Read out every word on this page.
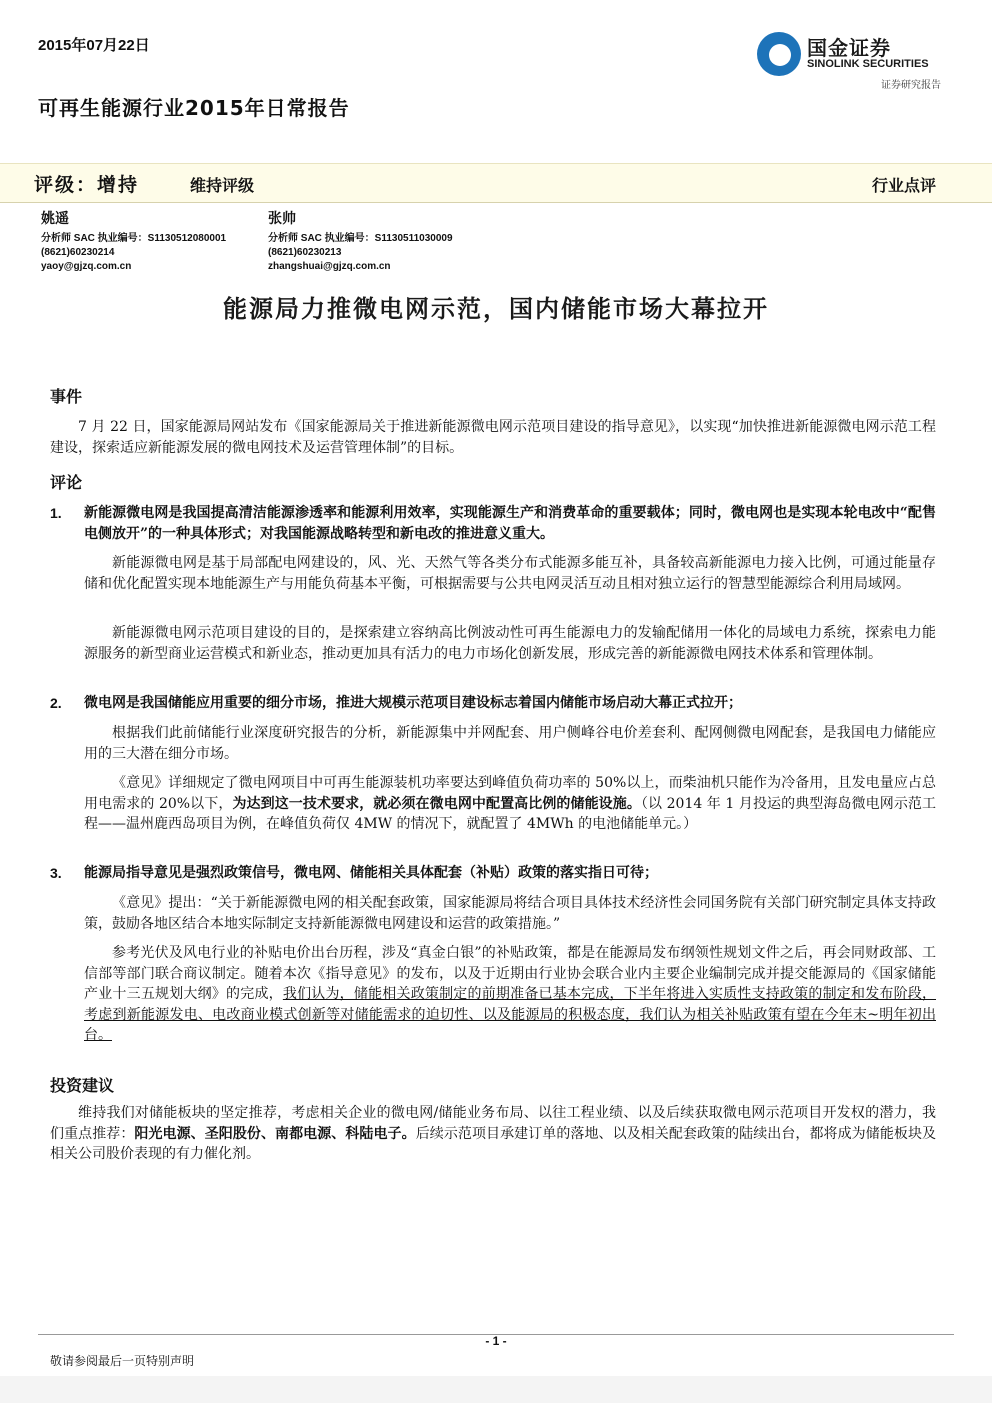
2015年07月22日
可再生能源行业2015年日常报告
国金证券
SINOLINK SECURITIES
证券研究报告
评级：增持	维持评级	行业点评
姚遥
分析师 SAC 执业编号：S1130512080001
(8621)60230214
yaoy@gjzq.com.cn
张帅
分析师 SAC 执业编号：S1130511030009
(8621)60230213
zhangshuai@gjzq.com.cn
能源局力推微电网示范，国内储能市场大幕拉开
事件
7 月 22 日，国家能源局网站发布《国家能源局关于推进新能源微电网示范项目建设的指导意见》，以实现“加快推进新能源微电网示范工程建设，探索适应新能源发展的微电网技术及运营管理体制”的目标。
评论
1. 新能源微电网是我国提高清洁能源渗透率和能源利用效率，实现能源生产和消费革命的重要载体；同时，微电网也是实现本轮电改中“配售电侧放开”的一种具体形式；对我国能源战略转型和新电改的推进意义重大。
新能源微电网是基于局部配电网建设的，风、光、天然气等各类分布式能源多能互补，具备较高新能源电力接入比例，可通过能量存储和优化配置实现本地能源生产与用能负荷基本平衡，可根据需要与公共电网灵活互动且相对独立运行的智慧型能源综合利用局域网。
新能源微电网示范项目建设的目的，是探索建立容纳高比例波动性可再生能源电力的发输配储用一体化的局域电力系统，探索电力能源服务的新型商业运营模式和新业态，推动更加具有活力的电力市场化创新发展，形成完善的新能源微电网技术体系和管理体制。
2. 微电网是我国储能应用重要的细分市场，推进大规模示范项目建设标志着国内储能市场启动大幕正式拉开；
根据我们此前储能行业深度研究报告的分析，新能源集中并网配套、用户侧峰谷电价差套利、配网侧微电网配套，是我国电力储能应用的三大潜在细分市场。
《意见》详细规定了微电网项目中可再生能源装机功率要达到峰值负荷功率的 50%以上，而柴油机只能作为冷备用，且发电量应占总用电需求的 20%以下，为达到这一技术要求，就必须在微电网中配置高比例的储能设施。（以 2014 年 1 月投运的典型海岛微电网示范工程——温州鹿西岛项目为例，在峰值负荷仅 4MW 的情况下，就配置了 4MWh 的电池储能单元。）
3. 能源局指导意见是强烈政策信号，微电网、储能相关具体配套（补贴）政策的落实指日可待；
《意见》提出：“关于新能源微电网的相关配套政策，国家能源局将结合项目具体技术经济性会同国务院有关部门研究制定具体支持政策，鼓励各地区结合本地实际制定支持新能源微电网建设和运营的政策措施。”
参考光伏及风电行业的补贴电价出台历程，涉及“真金白银”的补贴政策，都是在能源局发布纲领性规划文件之后，再会同财政部、工信部等部门联合商议制定。随着本次《指导意见》的发布，以及于近期由行业协会联合业内主要企业编制完成并提交能源局的《国家储能产业十三五规划大纲》的完成，我们认为，储能相关政策制定的前期准备已基本完成，下半年将进入实质性支持政策的制定和发布阶段，考虑到新能源发电、电改商业模式创新等对储能需求的迫切性、以及能源局的积极态度，我们认为相关补贴政策有望在今年末~明年初出台。
投资建议
维持我们对储能板块的坚定推荐，考虑相关企业的微电网/储能业务布局、以往工程业绩、以及后续获取微电网示范项目开发权的潜力，我们重点推荐：阳光电源、圣阳股份、南都电源、科陆电子。后续示范项目承建订单的落地、以及相关配套政策的陆续出台，都将成为储能板块及相关公司股价表现的有力催化剂。
- 1 -
敬请参阅最后一页特别声明
